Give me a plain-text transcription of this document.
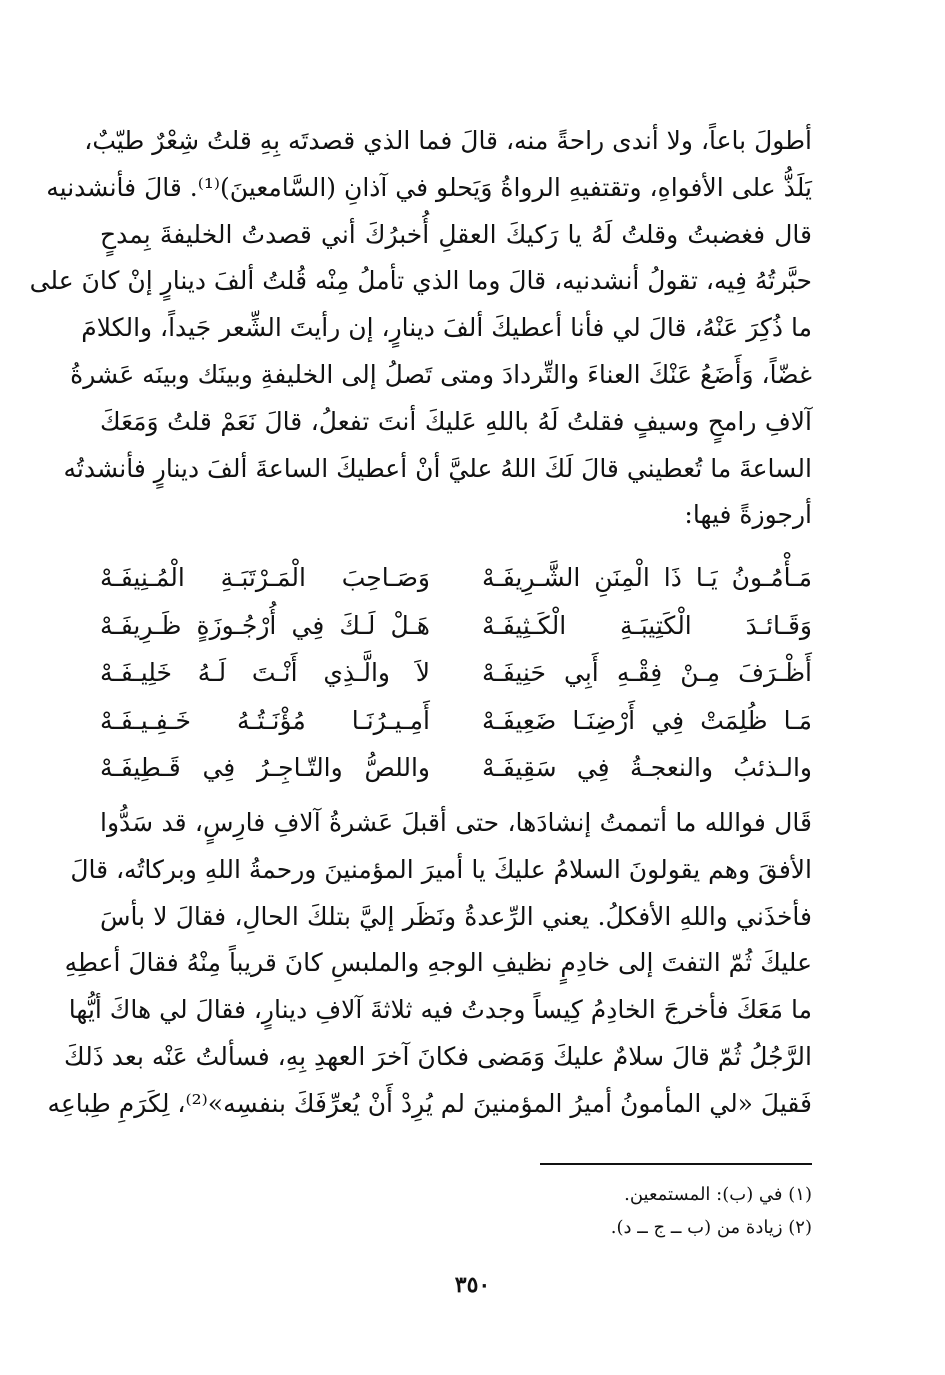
أطولَ باعاً، ولا أندى راحةً منه، قالَ فما الذي قصدتَه بِهِ قلتُ شِعْرٌ طيّبٌ،
يَلَذُّ على الأفواهِ، وتقتفيهِ الرواةُ وَيَحلو في آذانِ (السَّامعينَ)⁽¹⁾. قالَ فأنشدنيه
قال فغضبتُ وقلتُ لَهُ يا رَكيكَ العقلِ أُخبرُكَ أني قصدتُ الخليفةَ بِمدحٍ
حبَّرتُهُ فِيه، تقولُ أنشدنيه، قالَ وما الذي تأملُ مِنْه قُلتُ ألفَ دينارٍ إنْ كانَ على
ما ذُكِرَ عَنْهُ، قالَ لي فأنا أعطيكَ ألفَ دينارٍ، إن رأيتَ الشِّعر جَيداً، والكلامَ
غضّاً، وَأَضَعُ عَنْكَ العناءَ والتِّردادَ ومتى تَصلُ إلى الخليفةِ وبينَك وبينَه عَشرةُ
آلافِ رامحٍ وسيفٍ فقلتُ لَهُ باللهِ عَليكَ أنتَ تفعلُ، قالَ نَعَمْ قلتُ وَمَعَكَ
الساعةَ ما تُعطيني قالَ لَكَ اللهُ عليَّ أنْ أعطيكَ الساعةَ ألفَ دينارٍ فأنشدتُه
أرجوزةً فيها:
مَـأْمُـونُ يَـا ذَا الْمِنَنِ الشَّـرِيفَـهْ
وَصَـاحِبَ الْمَـرْتَبَـةِ الْمُـنِيفَـهْ
وَقَـائـدَ الْكَتِيبَـةِ الْكَـثِيفَـهْ
هَـلْ لَـكَ فِي أُرْجُـوزَةٍ ظَـرِيفَـهْ
أَظْـرَفَ مِـنْ فِقْـهِ أَبِي حَنِيفَـهْ
لاَ والَّـذِي أَنْـتَ لَـهُ خَلِيـفَـهْ
مَـا ظُلِمَتْ فِي أَرْضِنَـا ضَعِيفَـهْ
أَمِـيـرُنَـا مُؤْنَـتُـهُ خَـفِـيـفَـهْ
والـذئبُ والنعجـةُ فِي سَقِيفَـهْ
واللصُّ والتّـاجِـرُ فِي قَـطِيفَـهْ
قَال فوالله ما أتممتُ إنشادَها، حتى أقبلَ عَشرةُ آلافِ فارِسٍ، قد سَدُّوا
الأفقَ وهم يقولونَ السلامُ عليكَ يا أميرَ المؤمنينَ ورحمةُ اللهِ وبركاتُه، قالَ
فأخذَني واللهِ الأفكلُ. يعني الرِّعدةُ ونَظَر إليَّ بتلكَ الحالِ، فقالَ لا بأسَ
عليكَ ثُمّ التفتَ إلى خادِمٍ نظيفِ الوجهِ والملبسِ كانَ قريباً مِنْهُ فقالَ أعطِهِ
ما مَعَكَ فأخرجَ الخادِمُ كِيساً وجدتُ فيه ثلاثةَ آلافِ دينارٍ، فقالَ لي هاكَ أيُّها
الرَّجُلُ ثُمّ قالَ سلامٌ عليكَ وَمَضى فكانَ آخرَ العهدِ بِهِ، فسألتُ عَنْه بعد ذَلكَ
فَقيلَ «لي المأمونُ أميرُ المؤمنينَ لم يُرِدْ أَنْ يُعرِّفَكَ بنفسِه»⁽²⁾، لِكَرَمِ طِباعِه
(١) في (ب): المستمعين.
(٢) زيادة من (ب ــ ج ــ د).
٣٥٠
